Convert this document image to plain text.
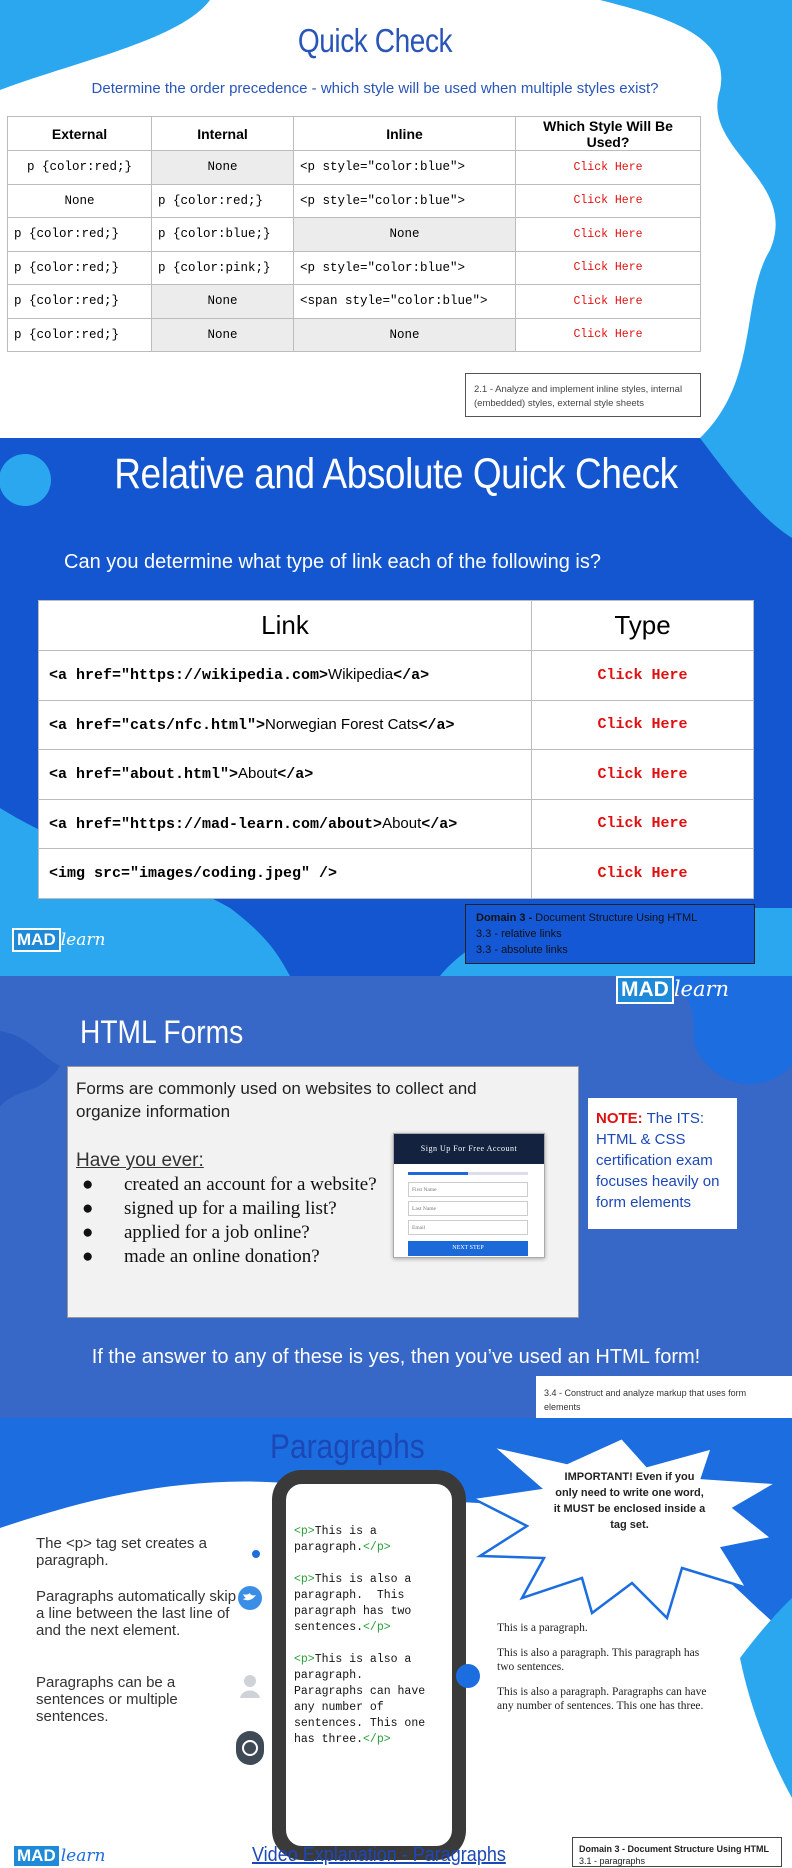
Quick Check
Determine the order precedence - which style will be used when multiple styles exist?
External	Internal	Inline	Which Style Will Be Used?
p {color:red;}	None	<p style="color:blue">	Click Here
None	p {color:red;}	<p style="color:blue">	Click Here
p {color:red;}	p {color:blue;}	None	Click Here
p {color:red;}	p {color:pink;}	<p style="color:blue">	Click Here
p {color:red;}	None	<span style="color:blue">	Click Here
p {color:red;}	None	None	Click Here
2.1 - Analyze and implement inline styles, internal (embedded) styles, external style sheets
Relative and Absolute Quick Check
Can you determine what type of link each of the following is?
Link	Type
<a href="https://wikipedia.com>Wikipedia</a>	Click Here
<a href="cats/nfc.html">Norwegian Forest Cats</a>	Click Here
<a href="about.html">About</a>	Click Here
<a href="https://mad-learn.com/about>About</a>	Click Here
<img src="images/coding.jpeg" />	Click Here
MAD learn
Domain 3 - Document Structure Using HTML
3.3 - relative links
3.3 - absolute links
MAD learn
HTML Forms
Forms are commonly used on websites to collect and organize information
Have you ever:
● created an account for a website?
● signed up for a mailing list?
● applied for a job online?
● made an online donation?
Sign Up For Free Account
First Name
Last Name
Email
NEXT STEP
NOTE: The ITS: HTML & CSS certification exam focuses heavily on form elements
If the answer to any of these is yes, then you’ve used an HTML form!
3.4 - Construct and analyze markup that uses form elements
Paragraphs
The <p> tag set creates a paragraph.
Paragraphs automatically skip a line between the last line of and the next element.
Paragraphs can be a sentences or multiple sentences.
<p>This is a
paragraph.</p>

<p>This is also a
paragraph.  This
paragraph has two
sentences.</p>

<p>This is also a
paragraph.
Paragraphs can have
any number of
sentences. This one
has three.</p>
IMPORTANT! Even if you only need to write one word, it MUST be enclosed inside a tag set.
This is a paragraph.
This is also a paragraph. This paragraph has two sentences.
This is also a paragraph. Paragraphs can have any number of sentences. This one has three.
MAD learn	Video Explanation - Paragraphs	Domain 3 - Document Structure Using HTML
3.1 - paragraphs
